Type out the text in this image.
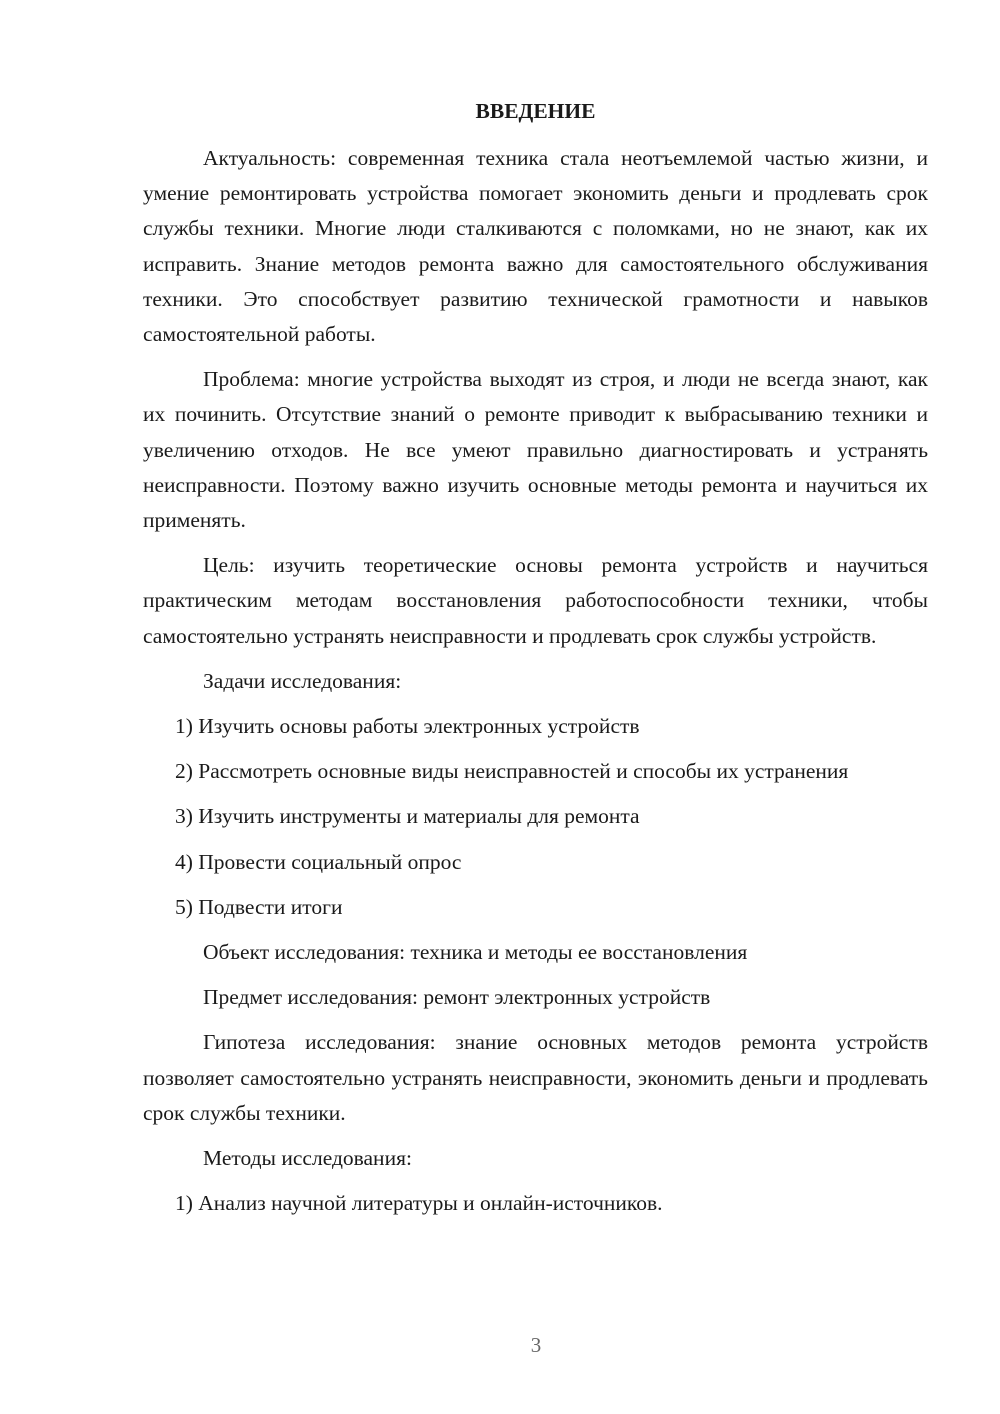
ВВЕДЕНИЕ

Актуальность: современная техника стала неотъемлемой частью жизни, и умение ремонтировать устройства помогает экономить деньги и продлевать срок службы техники. Многие люди сталкиваются с поломками, но не знают, как их исправить. Знание методов ремонта важно для самостоятельного обслуживания техники. Это способствует развитию технической грамотности и навыков самостоятельной работы.

Проблема: многие устройства выходят из строя, и люди не всегда знают, как их починить. Отсутствие знаний о ремонте приводит к выбрасыванию техники и увеличению отходов. Не все умеют правильно диагностировать и устранять неисправности. Поэтому важно изучить основные методы ремонта и научиться их применять.

Цель: изучить теоретические основы ремонта устройств и научиться практическим методам восстановления работоспособности техники, чтобы самостоятельно устранять неисправности и продлевать срок службы устройств.

Задачи исследования:

1) Изучить основы работы электронных устройств

2) Рассмотреть основные виды неисправностей и способы их устранения

3) Изучить инструменты и материалы для ремонта

4) Провести социальный опрос

5) Подвести итоги

Объект исследования: техника и методы ее восстановления

Предмет исследования: ремонт электронных устройств

Гипотеза исследования: знание основных методов ремонта устройств позволяет самостоятельно устранять неисправности, экономить деньги и продлевать срок службы техники.

Методы исследования:

1) Анализ научной литературы и онлайн-источников.

3
